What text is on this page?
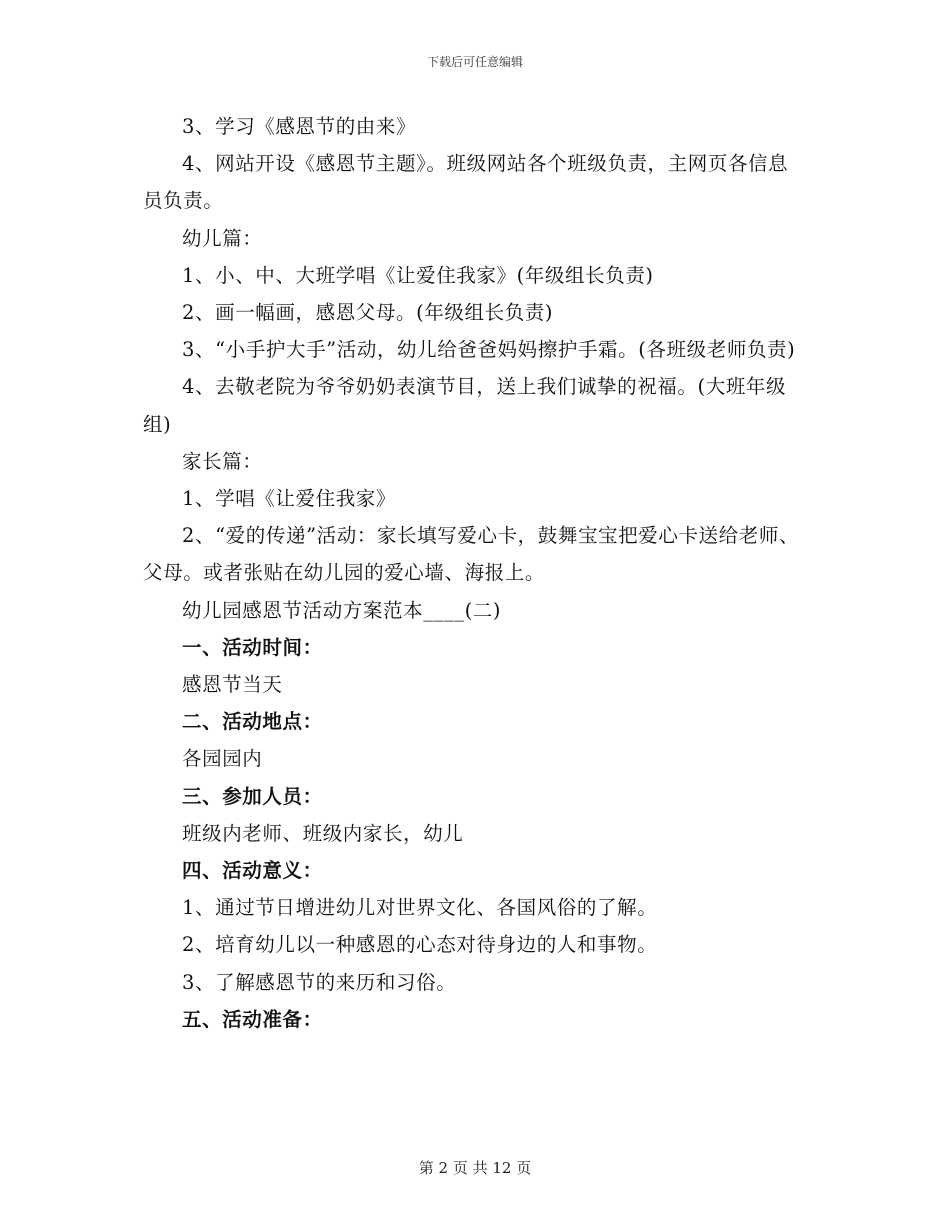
下载后可任意编辑

3、学习《感恩节的由来》

4、网站开设《感恩节主题》。班级网站各个班级负责，主网页各信息员负责。

幼儿篇：

1、小、中、大班学唱《让爱住我家》(年级组长负责)

2、画一幅画，感恩父母。(年级组长负责)

3、“小手护大手”活动，幼儿给爸爸妈妈擦护手霜。(各班级老师负责)

4、去敬老院为爷爷奶奶表演节目，送上我们诚挚的祝福。(大班年级组)

家长篇：

1、学唱《让爱住我家》

2、“爱的传递”活动：家长填写爱心卡，鼓舞宝宝把爱心卡送给老师、父母。或者张贴在幼儿园的爱心墙、海报上。

幼儿园感恩节活动方案范本____(二)

一、活动时间：

感恩节当天

二、活动地点：

各园园内

三、参加人员：

班级内老师、班级内家长，幼儿

四、活动意义：

1、通过节日增进幼儿对世界文化、各国风俗的了解。

2、培育幼儿以一种感恩的心态对待身边的人和事物。

3、了解感恩节的来历和习俗。

五、活动准备：

第 2 页 共 12 页
